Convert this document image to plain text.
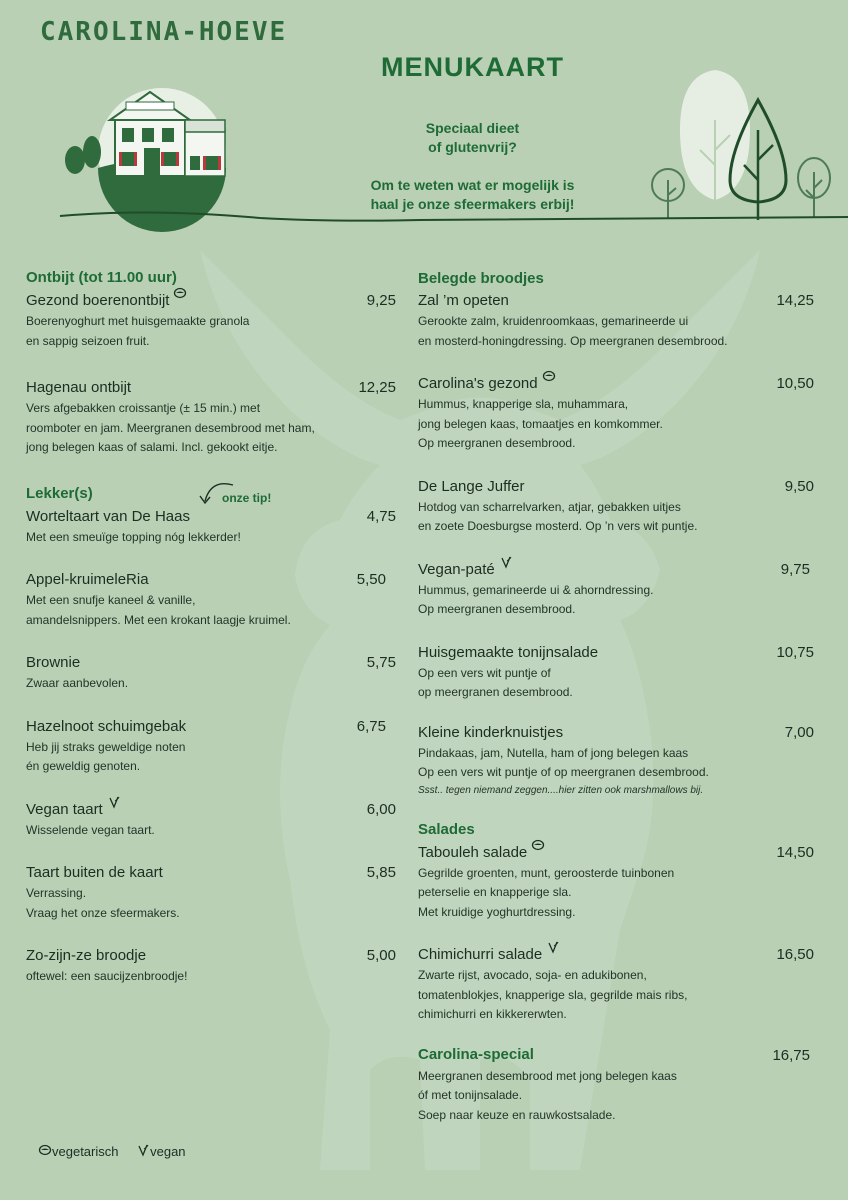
CAROLINA-HOEVE
MENUKAART

Speciaal dieet

of glutenvrij?

Om te weten wat er mogelijk is

haal je onze sfeermakers erbij!

Ontbijt (tot 11.00 uur)
Gezond boerenontbijt	9,25

Boerenyoghurt met huisgemaakte granola

en sappig seizoen fruit.

Hagenau ontbijt	12,25

Vers afgebakken croissantje (± 15 min.) met

roomboter en jam. Meergranen desembrood met ham,

jong belegen kaas of salami. Incl. gekookt eitje.

Lekker(s)
Worteltaart van De Haas	4,75

Met een smeuïge topping nóg lekkerder!

Appel-kruimeleRia	5,50

Met een snufje kaneel & vanille,

amandelsnippers. Met een krokant laagje kruimel.

Brownie	5,75

Zwaar aanbevolen.

Hazelnoot schuimgebak	6,75

Heb jij straks geweldige noten

én geweldig genoten.

Vegan taart	6,00

Wisselende vegan taart.

Taart buiten de kaart	5,85

Verrassing.

Vraag het onze sfeermakers.

Zo-zijn-ze broodje	5,00

oftewel: een saucijzenbroodje!

onze tip!
Belegde broodjes
Zal ’m opeten	14,25

Gerookte zalm, kruidenroomkaas, gemarineerde ui

en mosterd-honingdressing. Op meergranen desembrood.

Carolina's gezond	10,50

Hummus, knapperige sla, muhammara,

jong belegen kaas, tomaatjes en komkommer.

Op meergranen desembrood.

De Lange Juffer	9,50

Hotdog van scharrelvarken, atjar, gebakken uitjes

en zoete Doesburgse mosterd. Op ’n vers wit puntje.

Vegan-paté	9,75

Hummus, gemarineerde ui & ahorndressing.

Op meergranen desembrood.

Huisgemaakte tonijnsalade	10,75

Op een vers wit puntje of

op meergranen desembrood.

Kleine kinderknuistjes	7,00

Pindakaas, jam, Nutella, ham of jong belegen kaas

Op een vers wit puntje of op meergranen desembrood.

Ssst.. tegen niemand zeggen....hier zitten ook marshmallows bij.
Salades
Tabouleh salade	14,50

Gegrilde groenten, munt, geroosterde tuinbonen

peterselie en knapperige sla.

Met kruidige yoghurtdressing.

Chimichurri salade	16,50

Zwarte rijst, avocado, soja- en adukibonen,

tomatenblokjes, knapperige sla, gegrilde mais ribs,

chimichurri en kikkererwten.

Carolina-special	16,75

Meergranen desembrood met jong belegen kaas

óf met tonijnsalade.

Soep naar keuze en rauwkostsalade.

vegetarisch vegan
